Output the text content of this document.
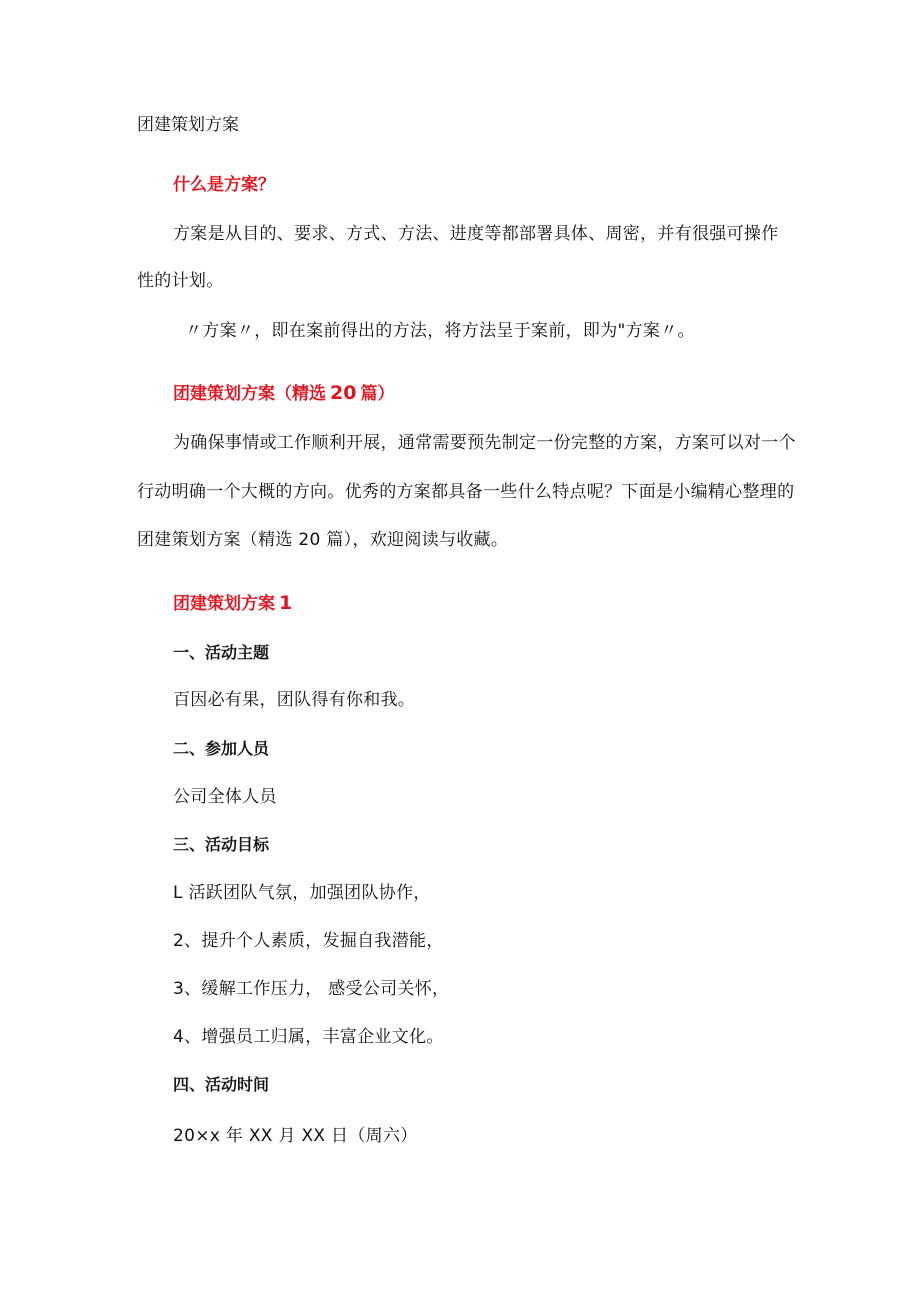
团建策划方案
什么是方案？
方案是从目的、要求、方式、方法、进度等都部署具体、周密，并有很强可操作
性的计划。
〃方案〃，即在案前得出的方法，将方法呈于案前，即为"方案〃。
团建策划方案（精选 20 篇）
为确保事情或工作顺利开展，通常需要预先制定一份完整的方案，方案可以对一个
行动明确一个大概的方向。优秀的方案都具备一些什么特点呢？下面是小编精心整理的
团建策划方案（精选 20 篇），欢迎阅读与收藏。
团建策划方案 1
一、活动主题
百因必有果，团队得有你和我。
二、参加人员
公司全体人员
三、活动目标
L 活跃团队气氛，加强团队协作，
2、提升个人素质，发掘自我潜能，
3、缓解工作压力， 感受公司关怀，
4、增强员工归属，丰富企业文化。
四、活动时间
20×x 年 XX 月 XX 日（周六）
